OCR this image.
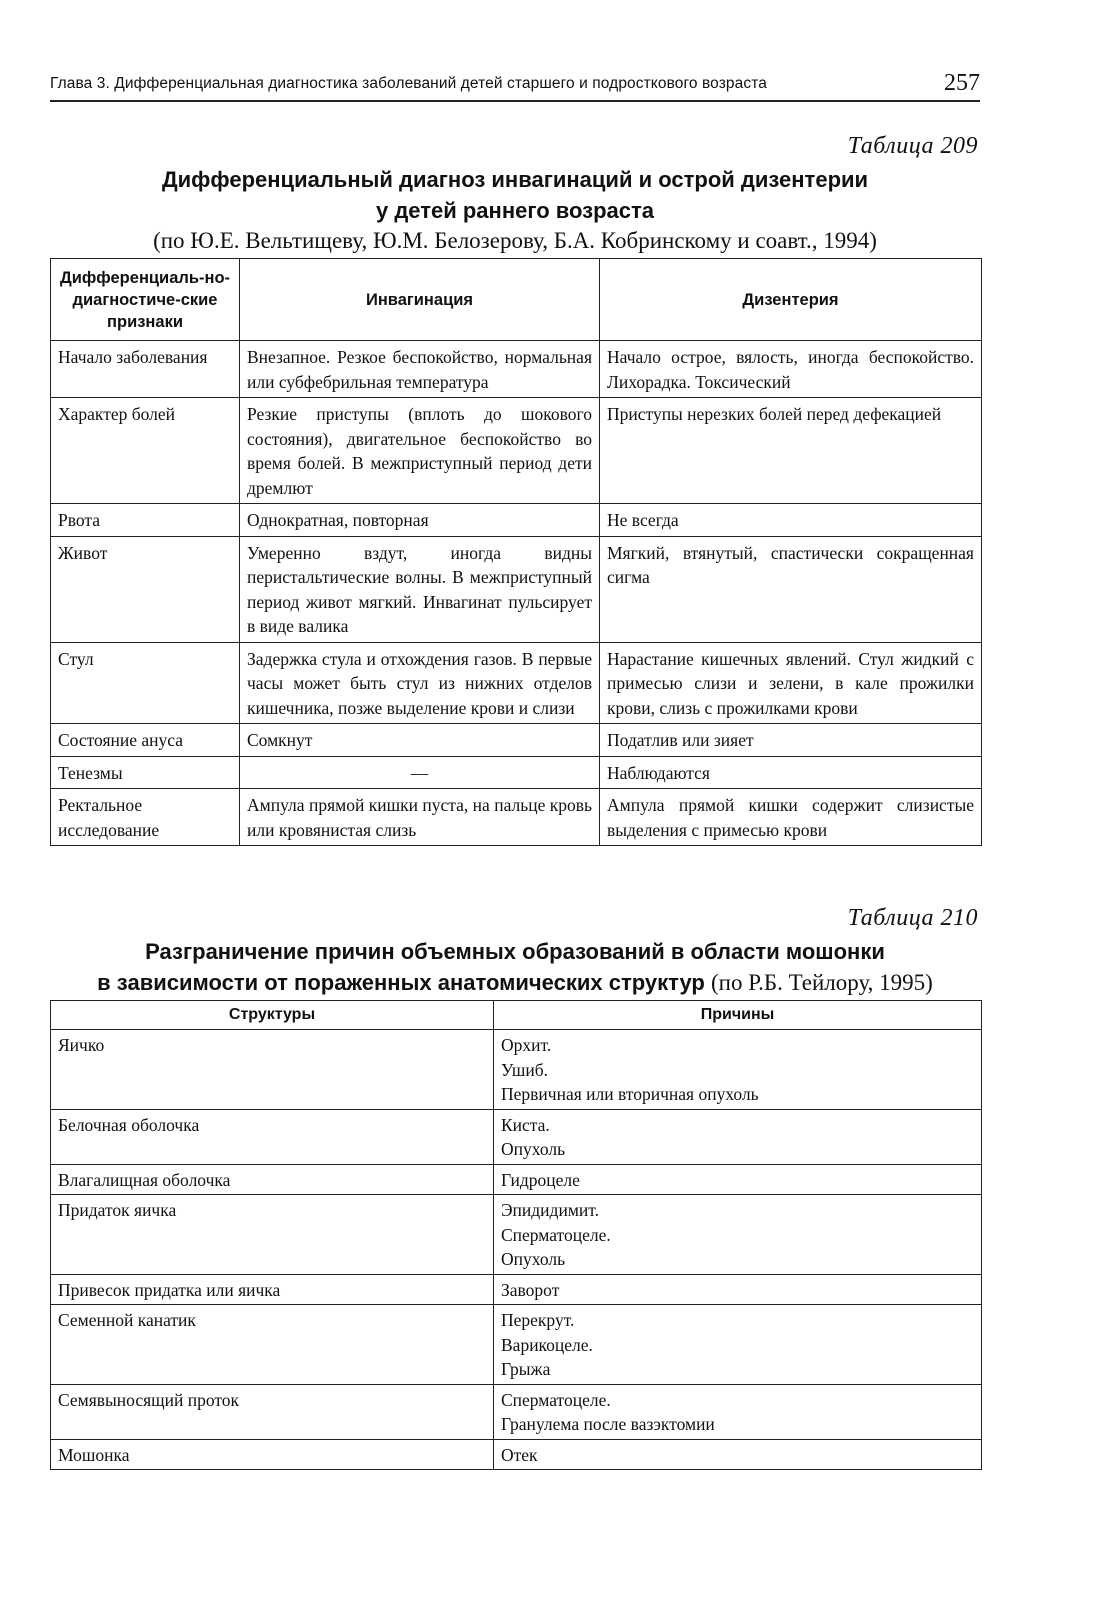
Глава 3. Дифференциальная диагностика заболеваний детей старшего и подросткового возраста	257
Таблица 209
Дифференциальный диагноз инвагинаций и острой дизентерии
у детей раннего возраста
(по Ю.Е. Вельтищеву, Ю.М. Белозерову, Б.А. Кобринскому и соавт., 1994)
Дифференциаль-но-диагностиче-ские признаки	Инвагинация	Дизентерия
Начало заболевания	Внезапное. Резкое беспокойство, нормальная или субфебрильная температура	Начало острое, вялость, иногда беспокойство. Лихорадка. Токсический
Характер болей	Резкие приступы (вплоть до шокового состояния), двигательное беспокойство во время болей. В межприступный период дети дремлют	Приступы нерезких болей перед дефекацией
Рвота	Однократная, повторная	Не всегда
Живот	Умеренно вздут, иногда видны перистальтические волны. В межприступный период живот мягкий. Инвагинат пульсирует в виде валика	Мягкий, втянутый, спастически сокращенная сигма
Стул	Задержка стула и отхождения газов. В первые часы может быть стул из нижних отделов кишечника, позже выделение крови и слизи	Нарастание кишечных явлений. Стул жидкий с примесью слизи и зелени, в кале прожилки крови, слизь с прожилками крови
Состояние ануса	Сомкнут	Податлив или зияет
Тенезмы	—	Наблюдаются
Ректальное исследование	Ампула прямой кишки пуста, на пальце кровь или кровянистая слизь	Ампула прямой кишки содержит слизистые выделения с примесью крови
Таблица 210
Разграничение причин объемных образований в области мошонки
в зависимости от пораженных анатомических структур (по Р.Б. Тейлору, 1995)
Структуры	Причины
Яичко	Орхит.
Ушиб.
Первичная или вторичная опухоль

Белочная оболочка	Киста.
Опухоль

Влагалищная оболочка	Гидроцеле

Придаток яичка	Эпидидимит.
Сперматоцеле.
Опухоль

Привесок придатка или яичка	Заворот

Семенной канатик	Перекрут.
Варикоцеле.
Грыжа

Семявыносящий проток	Сперматоцеле.
Гранулема после вазэктомии

Мошонка	Отек
